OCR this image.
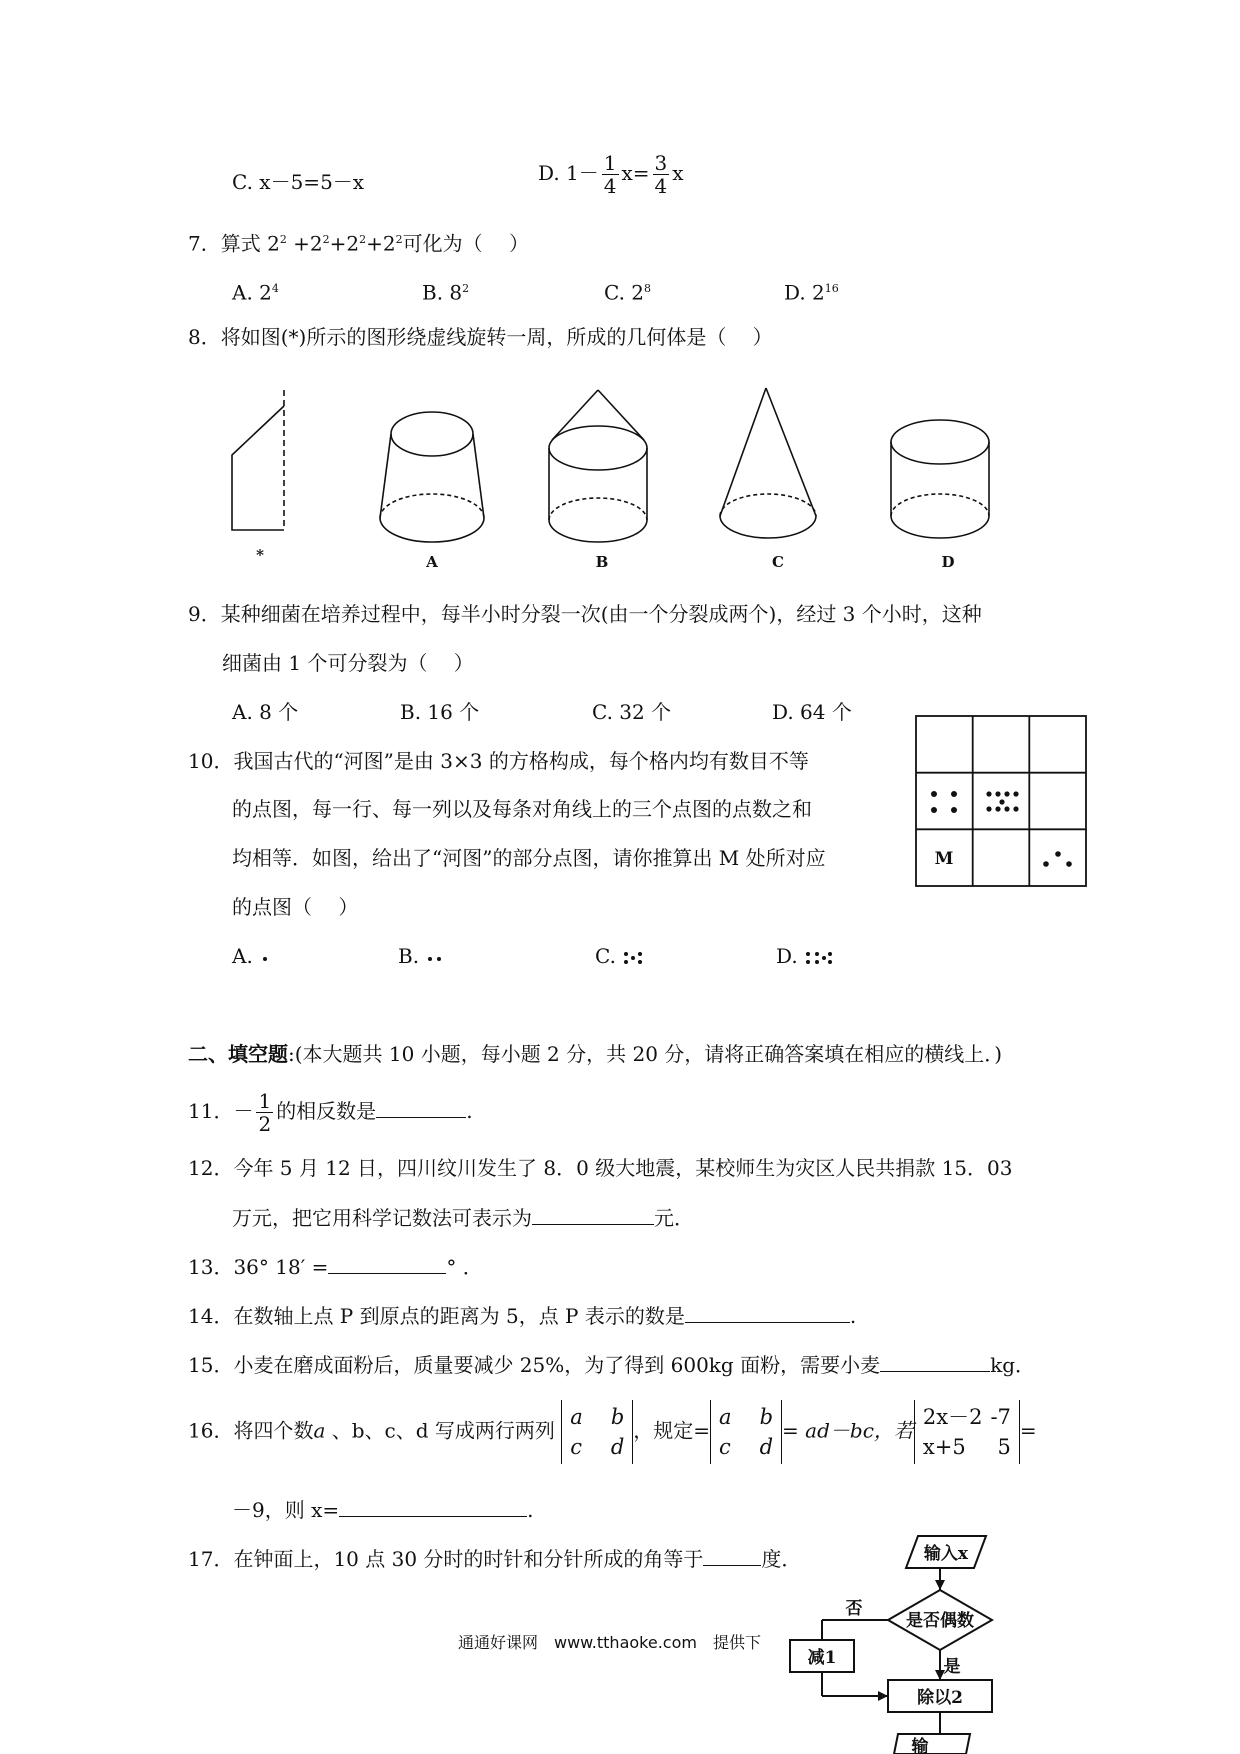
C. x－5=5－x	D. $1- \frac{1}{4} x= \frac{3}{4}$ x
7．算式 $2^2 +2^2+2^2+2^2$可化为（　 ）
A. $2^4$	B. $8^2$	C. $2^8$	D. $2^{16}$
8．将如图(*)所示的图形绕虚线旋转一周，所成的几何体是（　 ）
*	A	B	C	D
9．某种细菌在培养过程中，每半小时分裂一次(由一个分裂成两个)，经过 3 个小时，这种
细菌由 1 个可分裂为（　 ）
A. 8 个	B. 16 个	C. 32 个	D. 64 个
10．我国古代的“河图”是由 3×3 的方格构成，每个格内均有数目不等
的点图，每一行、每一列以及每条对角线上的三个点图的点数之和
均相等．如图，给出了“河图”的部分点图，请你推算出 M 处所对应
的点图（　 ）
M
A.	B.	C.	D.
二、填空题:(本大题共 10 小题，每小题 2 分，共 20 分，请将正确答案填在相应的横线上．)
11．－ $\frac{1}{2}$ 的相反数是	.
12．今年 5 月 12 日，四川纹川发生了 8．0 级大地震，某校师生为灾区人民共捐款 15．03
万元，把它用科学记数法可表示为	元．
13．36° 18′ =	° ．
14．在数轴上点 P 到原点的距离为 5，点 P 表示的数是	.
15．小麦在磨成面粉后，质量要减少 25%，为了得到 600kg 面粉，需要小麦	kg．
16．将四个数a 、b、c、d 写成两行两列
a b
c d
，规定=
a b
c d
= ad－bc，若
2x－2 -7
x+5 5
=
－9，则 x=	.
17．在钟面上，10 点 30 分时的时针和分针所成的角等于	度．	输入x
是否偶数
否
是
减1
除以2
输
通通好课网　www.tthaoke.com　提供下
